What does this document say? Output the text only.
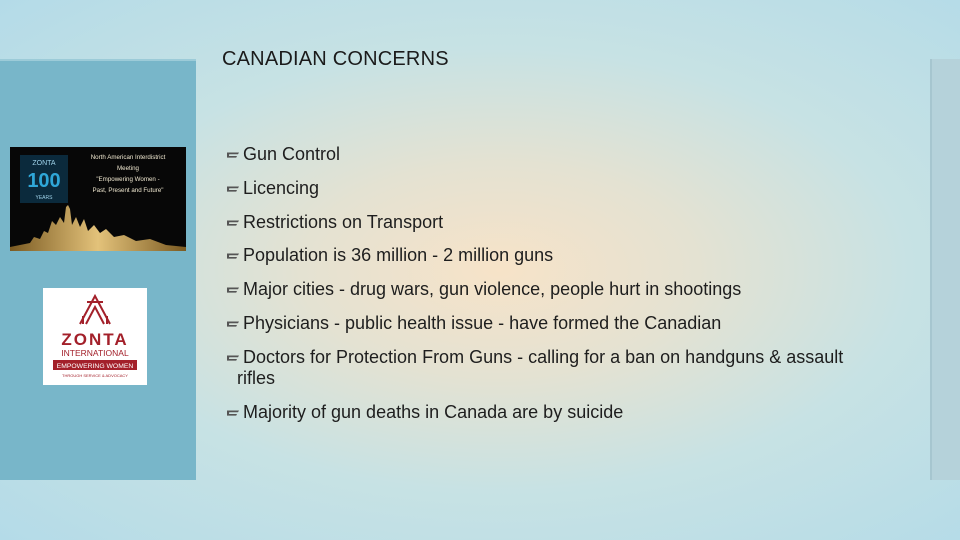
CANADIAN CONCERNS
Gun Control
Licencing
Restrictions on Transport
Population is 36 million - 2 million guns
Major cities - drug wars, gun violence, people hurt in shootings
Physicians - public health issue - have formed the Canadian
Doctors for Protection From Guns - calling for a ban on handguns & assault rifles
Majority of gun deaths in Canada are by suicide
ZONTA
100
YEARS
North American Interdistrict
Meeting
"Empowering Women -
Past, Present and Future"
ZONTA
INTERNATIONAL
EMPOWERING WOMEN
THROUGH SERVICE & ADVOCACY
